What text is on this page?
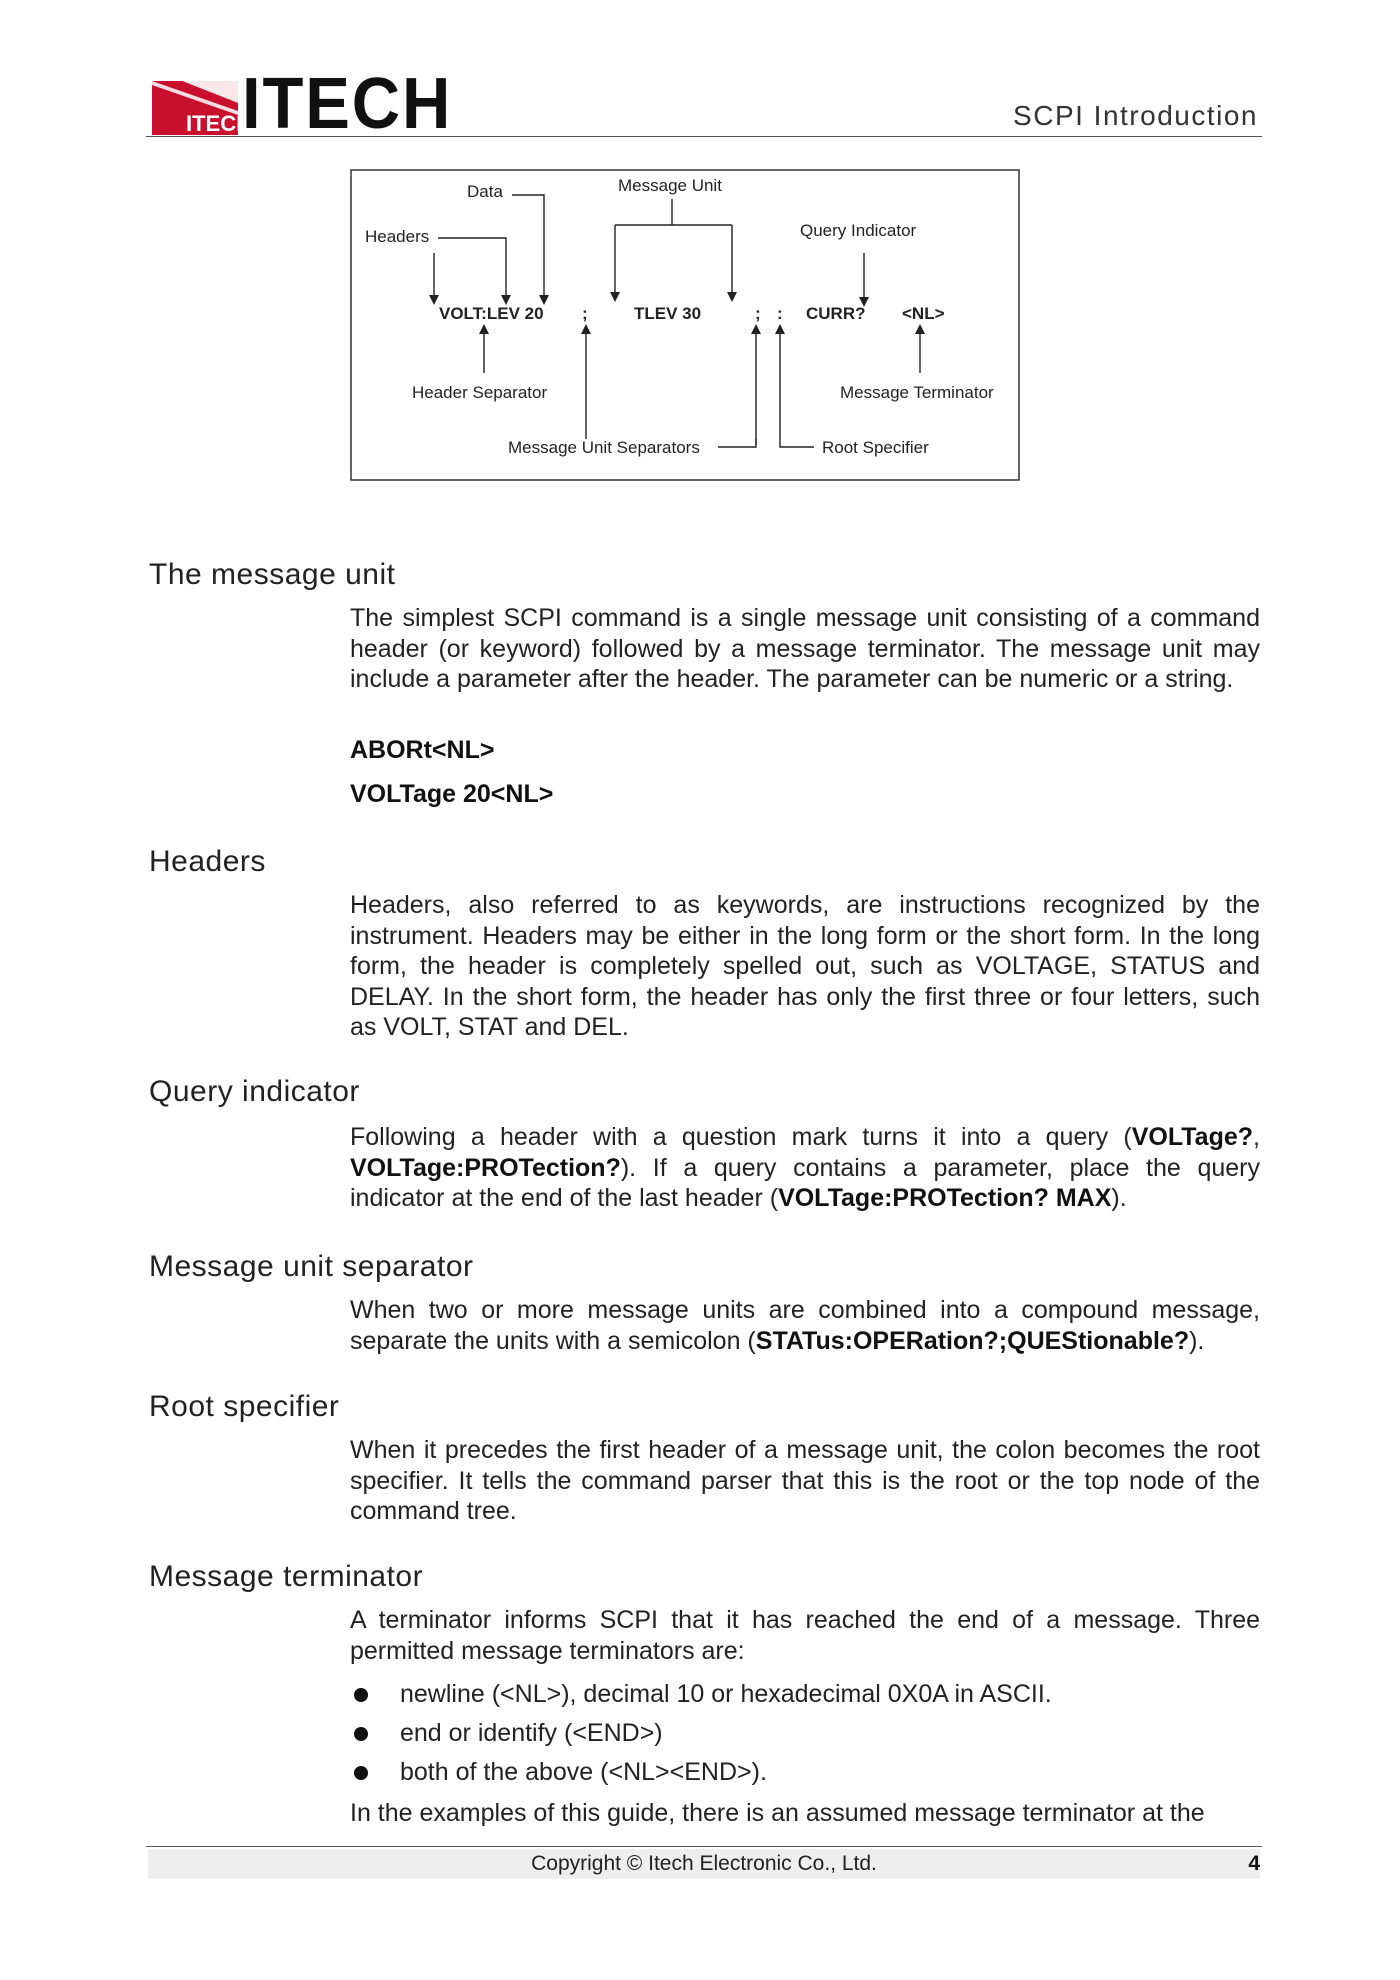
ITECH
ITECH	SCPI Introduction
Data	Message Unit
Headers	Query Indicator
VOLT:LEV 20 ;	TLEV 30	; : CURR? <NL>
Header Separator	Message Terminator
Message Unit Separators	Root Specifier
The message unit
The simplest SCPI command is a single message unit consisting of a command header (or keyword) followed by a message terminator. The message unit may include a parameter after the header. The parameter can be numeric or a string.
ABORt<NL>
VOLTage 20<NL>
Headers
Headers, also referred to as keywords, are instructions recognized by the instrument. Headers may be either in the long form or the short form. In the long form, the header is completely spelled out, such as VOLTAGE, STATUS and DELAY. In the short form, the header has only the first three or four letters, such as VOLT, STAT and DEL.
Query indicator
Following a header with a question mark turns it into a query (VOLTage?, VOLTage:PROTection?). If a query contains a parameter, place the query indicator at the end of the last header (VOLTage:PROTection? MAX).
Message unit separator
When two or more message units are combined into a compound message, separate the units with a semicolon (STATus:OPERation?;QUEStionable?).
Root specifier
When it precedes the first header of a message unit, the colon becomes the root specifier. It tells the command parser that this is the root or the top node of the command tree.
Message terminator
A terminator informs SCPI that it has reached the end of a message. Three permitted message terminators are:
newline (<NL>), decimal 10 or hexadecimal 0X0A in ASCII.
end or identify (<END>)
both of the above (<NL><END>).
In the examples of this guide, there is an assumed message terminator at the
Copyright © Itech Electronic Co., Ltd.	4
